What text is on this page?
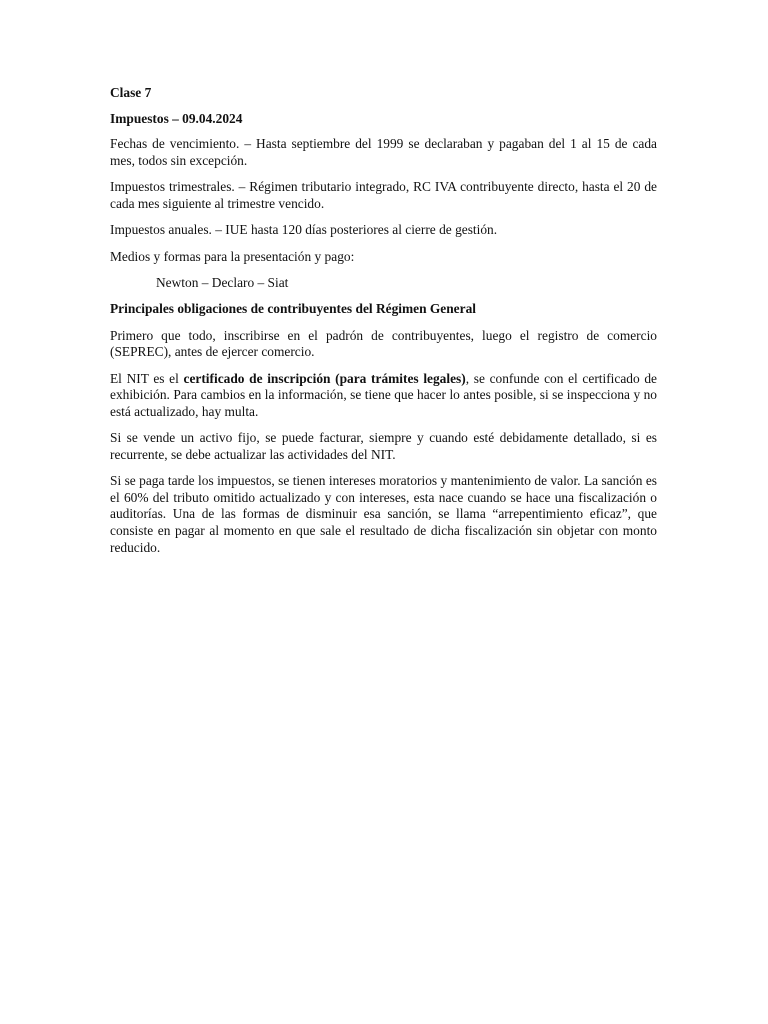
Clase 7

Impuestos – 09.04.2024

Fechas de vencimiento. – Hasta septiembre del 1999 se declaraban y pagaban del 1 al 15 de cada mes, todos sin excepción.

Impuestos trimestrales. – Régimen tributario integrado, RC IVA contribuyente directo, hasta el 20 de cada mes siguiente al trimestre vencido.

Impuestos anuales. – IUE hasta 120 días posteriores al cierre de gestión.

Medios y formas para la presentación y pago:

Newton – Declaro – Siat

Principales obligaciones de contribuyentes del Régimen General

Primero que todo, inscribirse en el padrón de contribuyentes, luego el registro de comercio (SEPREC), antes de ejercer comercio.

El NIT es el certificado de inscripción (para trámites legales), se confunde con el certificado de exhibición. Para cambios en la información, se tiene que hacer lo antes posible, si se inspecciona y no está actualizado, hay multa.

Si se vende un activo fijo, se puede facturar, siempre y cuando esté debidamente detallado, si es recurrente, se debe actualizar las actividades del NIT.

Si se paga tarde los impuestos, se tienen intereses moratorios y mantenimiento de valor. La sanción es el 60% del tributo omitido actualizado y con intereses, esta nace cuando se hace una fiscalización o auditorías. Una de las formas de disminuir esa sanción, se llama “arrepentimiento eficaz”, que consiste en pagar al momento en que sale el resultado de dicha fiscalización sin objetar con monto reducido.
